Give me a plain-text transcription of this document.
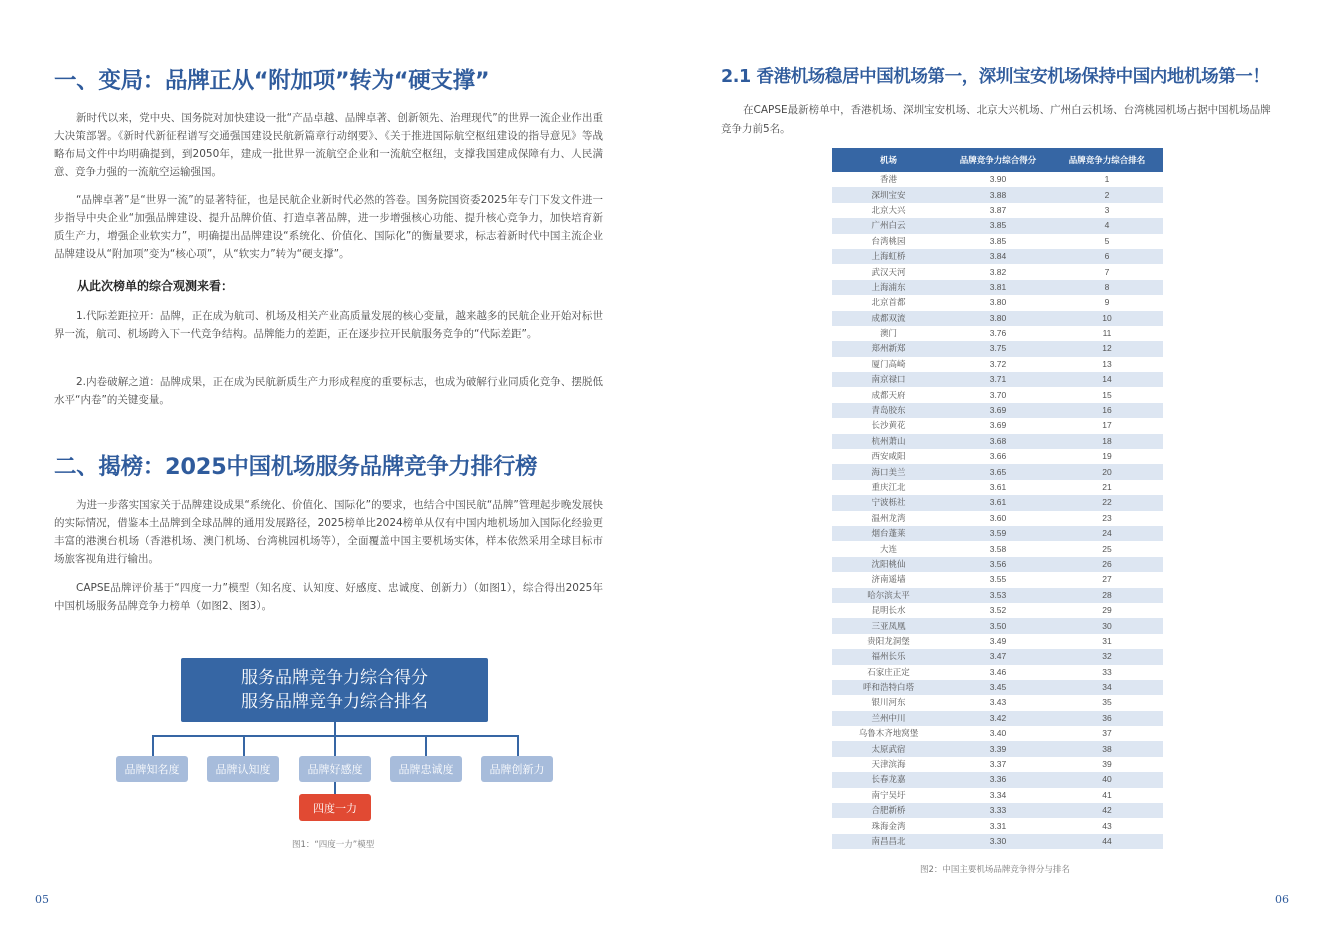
一、变局：品牌正从“附加项”转为“硬支撑”

新时代以来，党中央、国务院对加快建设一批“产品卓越、品牌卓著、创新领先、治理现代”的世界一流企业作出重大决策部署。《新时代新征程谱写交通强国建设民航新篇章行动纲要》、《关于推进国际航空枢纽建设的指导意见》等战略布局文件中均明确提到，到2050年，建成一批世界一流航空企业和一流航空枢纽，支撑我国建成保障有力、人民满意、竞争力强的一流航空运输强国。

“品牌卓著”是“世界一流”的显著特征，也是民航企业新时代必然的答卷。国务院国资委2025年专门下发文件进一步指导中央企业“加强品牌建设、提升品牌价值、打造卓著品牌，进一步增强核心功能、提升核心竞争力，加快培育新质生产力，增强企业软实力”，明确提出品牌建设“系统化、价值化、国际化”的衡量要求，标志着新时代中国主流企业品牌建设从“附加项”变为“核心项”，从“软实力”转为“硬支撑”。

从此次榜单的综合观测来看：

1.代际差距拉开：品牌，正在成为航司、机场及相关产业高质量发展的核心变量，越来越多的民航企业开始对标世界一流，航司、机场跨入下一代竞争结构。品牌能力的差距，正在逐步拉开民航服务竞争的“代际差距”。

2.内卷破解之道：品牌成果，正在成为民航新质生产力形成程度的重要标志，也成为破解行业同质化竞争、摆脱低水平“内卷”的关键变量。

二、揭榜：2025中国机场服务品牌竞争力排行榜

为进一步落实国家关于品牌建设成果“系统化、价值化、国际化”的要求，也结合中国民航“品牌”管理起步晚发展快的实际情况，借鉴本土品牌到全球品牌的通用发展路径，2025榜单比2024榜单从仅有中国内地机场加入国际化经验更丰富的港澳台机场（香港机场、澳门机场、台湾桃园机场等），全面覆盖中国主要机场实体，样本依然采用全球目标市场旅客视角进行输出。

CAPSE品牌评价基于“四度一力”模型（知名度、认知度、好感度、忠诚度、创新力）（如图1），综合得出2025年中国机场服务品牌竞争力榜单（如图2、图3）。

服务品牌竞争力综合得分
服务品牌竞争力综合排名
品牌知名度	品牌认知度	品牌好感度	品牌忠诚度	品牌创新力
四度一力
图1：“四度一力”模型
05
2.1 香港机场稳居中国机场第一，深圳宝安机场保持中国内地机场第一！

在CAPSE最新榜单中，香港机场、深圳宝安机场、北京大兴机场、广州白云机场、台湾桃园机场占据中国机场品牌竞争力前5名。

机场	品牌竞争力综合得分	品牌竞争力综合排名
香港	3.90	1
深圳宝安	3.88	2
北京大兴	3.87	3
广州白云	3.85	4
台湾桃园	3.85	5
上海虹桥	3.84	6
武汉天河	3.82	7
上海浦东	3.81	8
北京首都	3.80	9
成都双流	3.80	10
澳门	3.76	11
郑州新郑	3.75	12
厦门高崎	3.72	13
南京禄口	3.71	14
成都天府	3.70	15
青岛胶东	3.69	16
长沙黄花	3.69	17
杭州萧山	3.68	18
西安咸阳	3.66	19
海口美兰	3.65	20
重庆江北	3.61	21
宁波栎社	3.61	22
温州龙湾	3.60	23
烟台蓬莱	3.59	24
大连	3.58	25
沈阳桃仙	3.56	26
济南遥墙	3.55	27
哈尔滨太平	3.53	28
昆明长水	3.52	29
三亚凤凰	3.50	30
贵阳龙洞堡	3.49	31
福州长乐	3.47	32
石家庄正定	3.46	33
呼和浩特白塔	3.45	34
银川河东	3.43	35
兰州中川	3.42	36
乌鲁木齐地窝堡	3.40	37
太原武宿	3.39	38
天津滨海	3.37	39
长春龙嘉	3.36	40
南宁吴圩	3.34	41
合肥新桥	3.33	42
珠海金湾	3.31	43
南昌昌北	3.30	44
图2：中国主要机场品牌竞争得分与排名
06
